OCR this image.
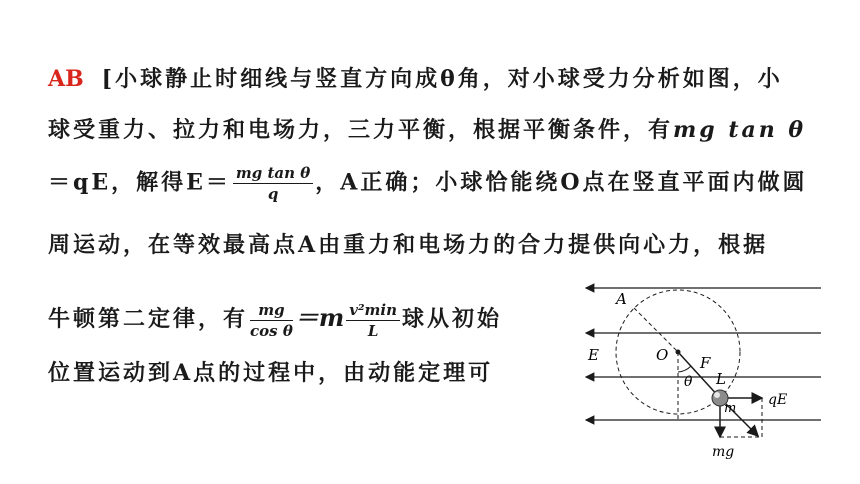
AB [小球静止时细线与竖直方向成θ角，对小球受力分析如图，小
球受重力、拉力和电场力，三力平衡，根据平衡条件，有mg tan θ
＝qE，解得$E= \frac{\text{mg tan θ}}{q}$ ，A正确；小球恰能绕O点在竖直平面内做圆
周运动，在等效最高点A由重力和电场力的合力提供向心力，根据
牛顿第二定律，有 $\frac{mg}{\text{cos θ}} =m \frac{\text{v²min}}{L}$ 球从初始
位置运动到A点的过程中，由动能定理可
A
E	O F
L
θ
m
qE
mg
